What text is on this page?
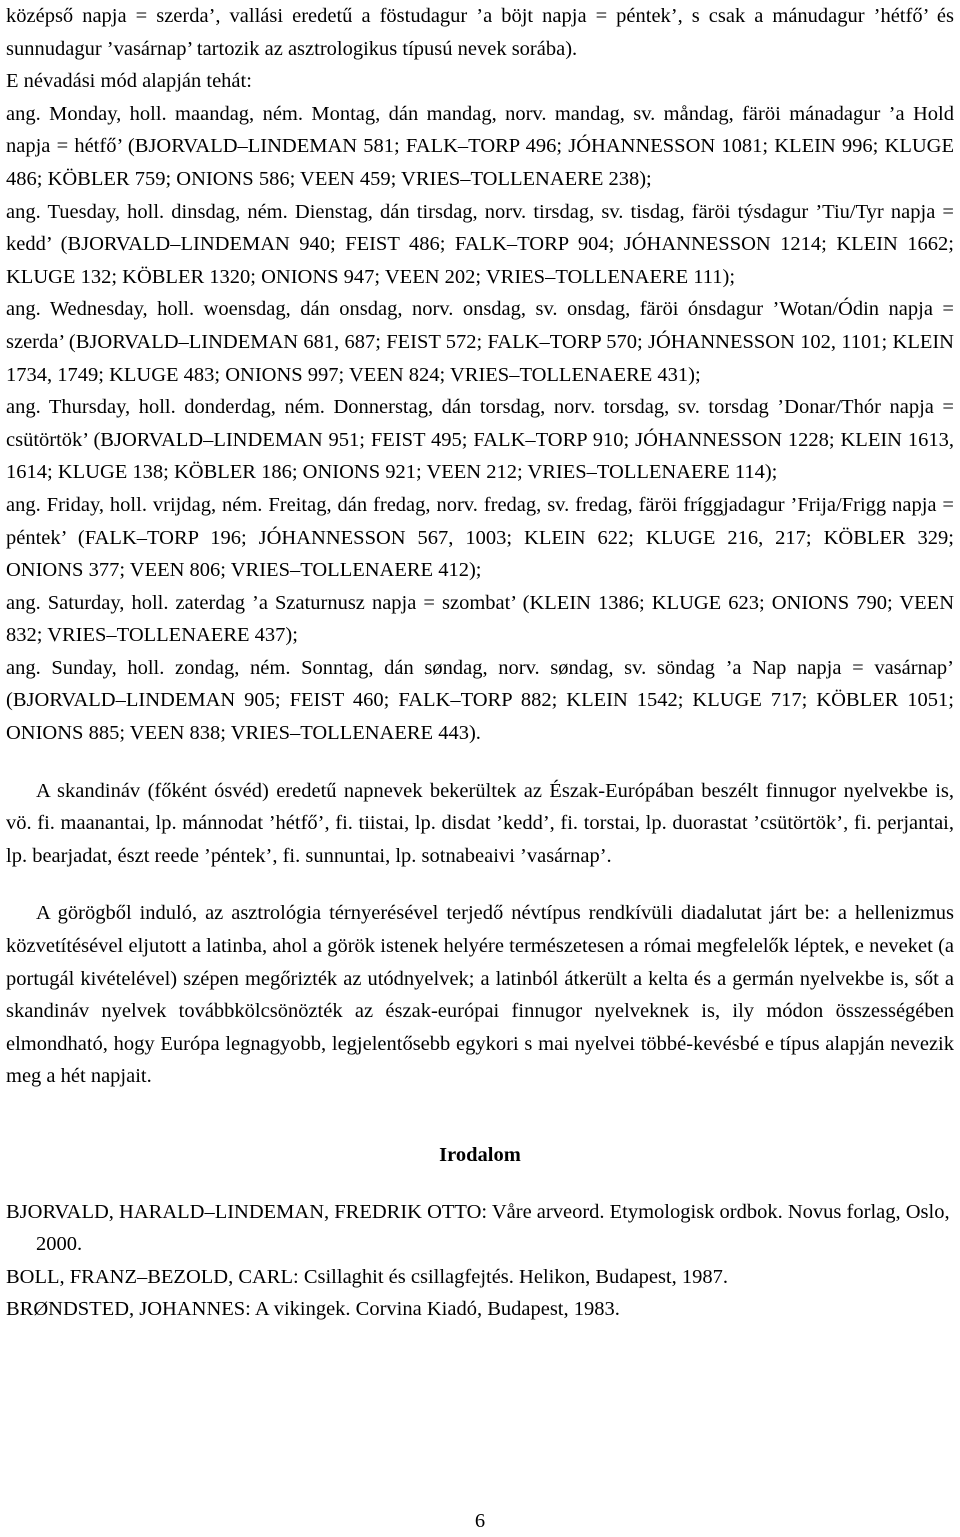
középső napja = szerda’, vallási eredetű a föstudagur ’a böjt napja = péntek’, s csak a mánudagur ’hétfő’ és sunnudagur ’vasárnap’ tartozik az asztrologikus típusú nevek sorába).

E névadási mód alapján tehát:

ang. Monday, holl. maandag, ném. Montag, dán mandag, norv. mandag, sv. måndag, färöi mánadagur ’a Hold napja = hétfő’ (BJORVALD–LINDEMAN 581; FALK–TORP 496; JÓHANNESSON 1081; KLEIN 996; KLUGE 486; KÖBLER 759; ONIONS 586; VEEN 459; VRIES–TOLLENAERE 238);

ang. Tuesday, holl. dinsdag, ném. Dienstag, dán tirsdag, norv. tirsdag, sv. tisdag, färöi týsdagur ’Tiu/Tyr napja = kedd’ (BJORVALD–LINDEMAN 940; FEIST 486; FALK–TORP 904; JÓHANNESSON 1214; KLEIN 1662; KLUGE 132; KÖBLER 1320; ONIONS 947; VEEN 202; VRIES–TOLLENAERE 111);

ang. Wednesday, holl. woensdag, dán onsdag, norv. onsdag, sv. onsdag, färöi ónsdagur ’Wotan/Ódin napja = szerda’ (BJORVALD–LINDEMAN 681, 687; FEIST 572; FALK–TORP 570; JÓHANNESSON 102, 1101; KLEIN 1734, 1749; KLUGE 483; ONIONS 997; VEEN 824; VRIES–TOLLENAERE 431);

ang. Thursday, holl. donderdag, ném. Donnerstag, dán torsdag, norv. torsdag, sv. torsdag ’Donar/Thór napja = csütörtök’ (BJORVALD–LINDEMAN 951; FEIST 495; FALK–TORP 910; JÓHANNESSON 1228; KLEIN 1613, 1614; KLUGE 138; KÖBLER 186; ONIONS 921; VEEN 212; VRIES–TOLLENAERE 114);

ang. Friday, holl. vrijdag, ném. Freitag, dán fredag, norv. fredag, sv. fredag, färöi fríggjadagur ’Frija/Frigg napja = péntek’ (FALK–TORP 196; JÓHANNESSON 567, 1003; KLEIN 622; KLUGE 216, 217; KÖBLER 329; ONIONS 377; VEEN 806; VRIES–TOLLENAERE 412);

ang. Saturday, holl. zaterdag ’a Szaturnusz napja = szombat’ (KLEIN 1386; KLUGE 623; ONIONS 790; VEEN 832; VRIES–TOLLENAERE 437);

ang. Sunday, holl. zondag, ném. Sonntag, dán søndag, norv. søndag, sv. söndag ’a Nap napja = vasárnap’ (BJORVALD–LINDEMAN 905; FEIST 460; FALK–TORP 882; KLEIN 1542; KLUGE 717; KÖBLER 1051; ONIONS 885; VEEN 838; VRIES–TOLLENAERE 443).

A skandináv (főként ósvéd) eredetű napnevek bekerültek az Észak-Európában beszélt finnugor nyelvekbe is, vö. fi. maanantai, lp. mánnodat ’hétfő’, fi. tiistai, lp. disdat ’kedd’, fi. torstai, lp. duorastat ’csütörtök’, fi. perjantai, lp. bearjadat, észt reede ’péntek’, fi. sunnuntai, lp. sotnabeaivi ’vasárnap’.

A görögből induló, az asztrológia térnyerésével terjedő névtípus rendkívüli diadalutat járt be: a hellenizmus közvetítésével eljutott a latinba, ahol a görök istenek helyére természetesen a római megfelelők léptek, e neveket (a portugál kivételével) szépen megőrizték az utódnyelvek; a latinból átkerült a kelta és a germán nyelvekbe is, sőt a skandináv nyelvek továbbkölcsönözték az észak-európai finnugor nyelveknek is, ily módon összességében elmondható, hogy Európa legnagyobb, legjelentősebb egykori s mai nyelvei többé-kevésbé e típus alapján nevezik meg a hét napjait.

Irodalom

BJORVALD, HARALD–LINDEMAN, FREDRIK OTTO: Våre arveord. Etymologisk ordbok. Novus forlag, Oslo, 2000.

BOLL, FRANZ–BEZOLD, CARL: Csillaghit és csillagfejtés. Helikon, Budapest, 1987.

BRØNDSTED, JOHANNES: A vikingek. Corvina Kiadó, Budapest, 1983.

6
